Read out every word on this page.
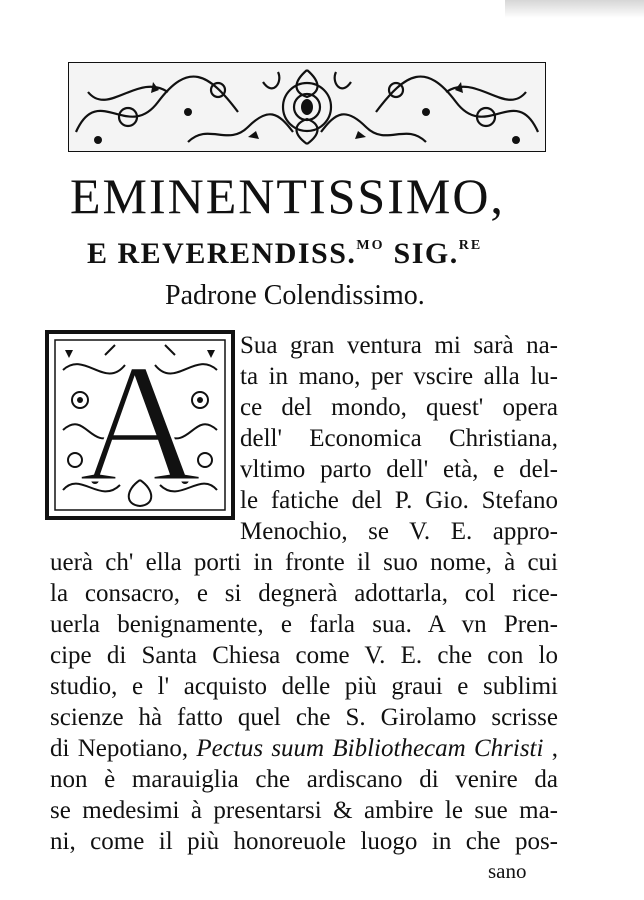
EMINENTISSIMO,
E REVERENDISS.$^{MO}$ SIG.$^{RE}$

Padrone Colendissimo.

A Sua gran ventura mi sarà na-

ta in mano, per vscire alla lu-

ce del mondo, quest' opera

dell' Economica Christiana,

vltimo parto dell' età, e del-

le fatiche del P. Gio. Stefano

Menochio, se V. E. appro-

uerà ch' ella porti in fronte il suo nome, à cui

la consacro, e si degnerà adottarla, col rice-

uerla benignamente, e farla sua. A vn Pren-

cipe di Santa Chiesa come V. E. che con lo

studio, e l' acquisto delle più graui e sublimi

scienze hà fatto quel che S. Girolamo scrisse

di Nepotiano, Pectus suum Bibliothecam Christi ,

non è marauiglia che ardiscano di venire da

se medesimi à presentarsi & ambire le sue ma-

ni, come il più honoreuole luogo in che pos-

sano
